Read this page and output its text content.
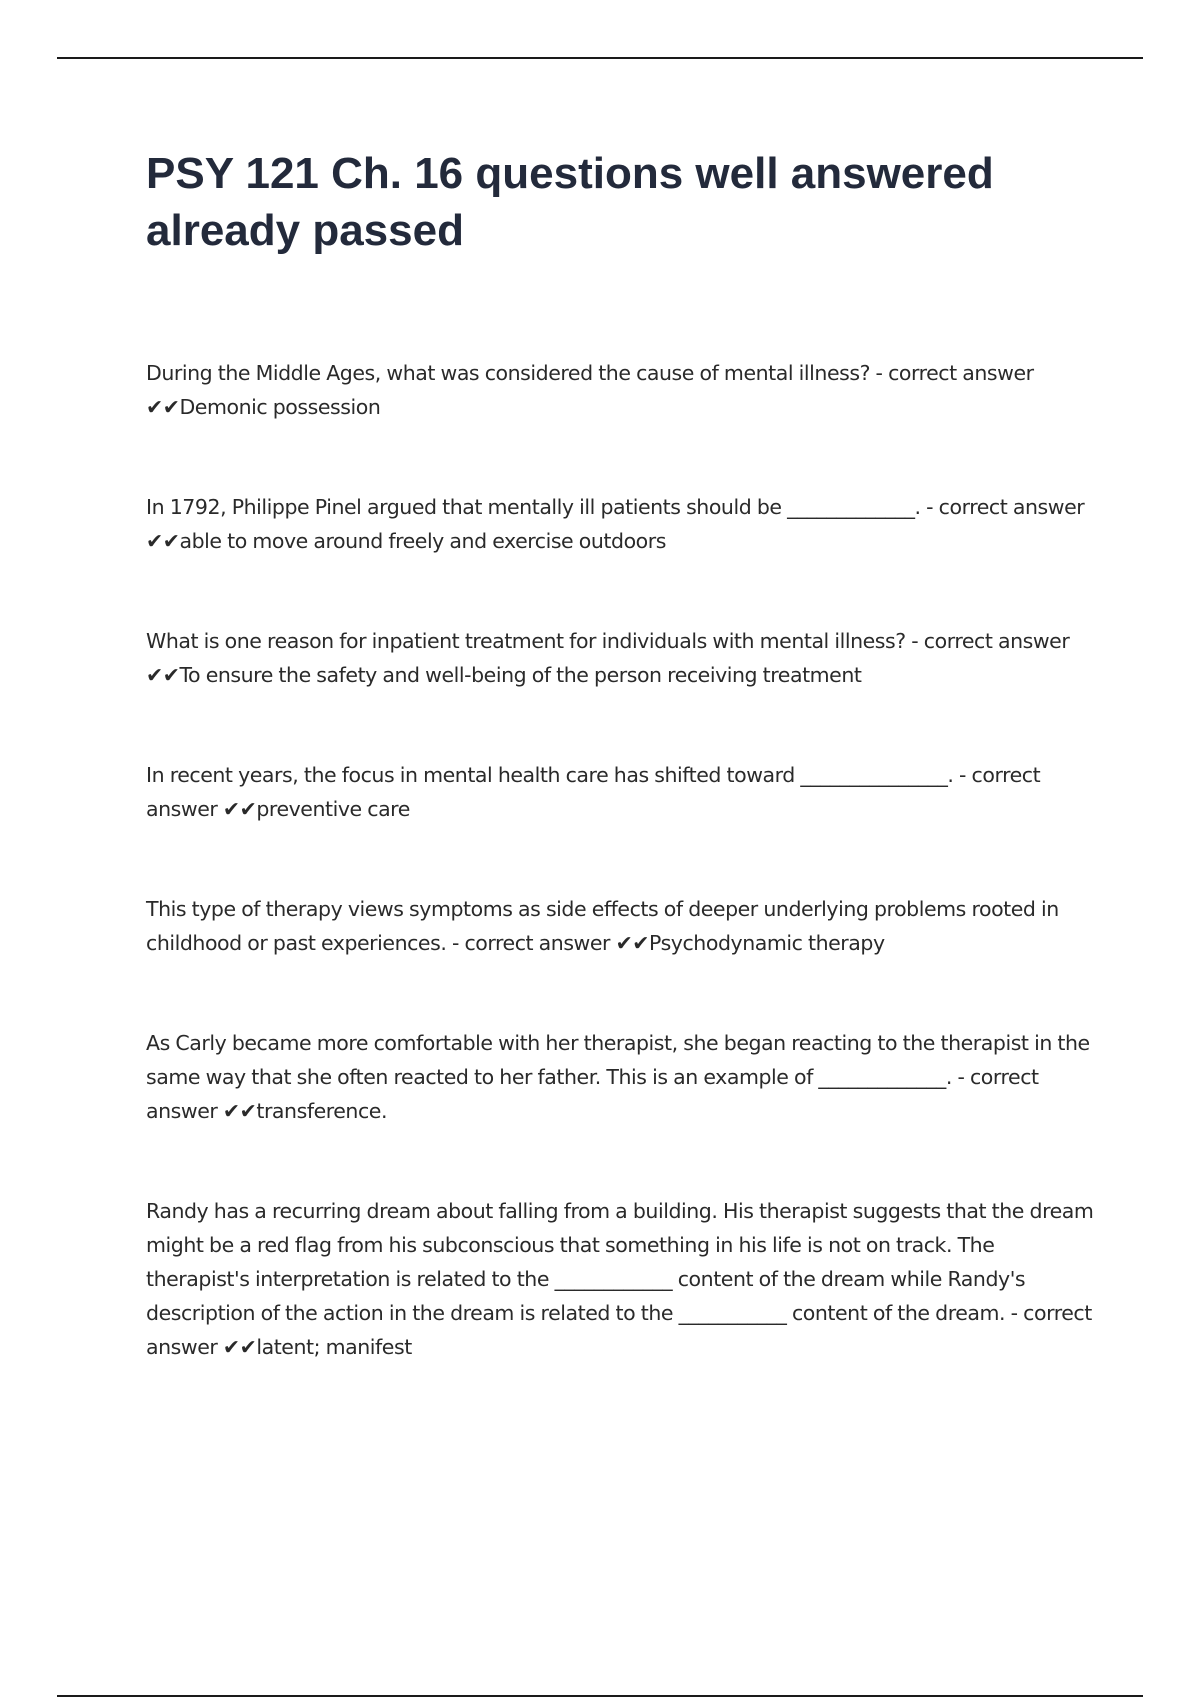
PSY 121 Ch. 16 questions well answered already passed
During the Middle Ages, what was considered the cause of mental illness? - correct answer ✔✔Demonic possession
In 1792, Philippe Pinel argued that mentally ill patients should be _____________. - correct answer ✔✔able to move around freely and exercise outdoors
What is one reason for inpatient treatment for individuals with mental illness? - correct answer ✔✔To ensure the safety and well-being of the person receiving treatment
In recent years, the focus in mental health care has shifted toward _______________. - correct answer ✔✔preventive care
This type of therapy views symptoms as side effects of deeper underlying problems rooted in childhood or past experiences. - correct answer ✔✔Psychodynamic therapy
As Carly became more comfortable with her therapist, she began reacting to the therapist in the same way that she often reacted to her father. This is an example of _____________. - correct answer ✔✔transference.
Randy has a recurring dream about falling from a building. His therapist suggests that the dream might be a red flag from his subconscious that something in his life is not on track. The therapist's interpretation is related to the ____________ content of the dream while Randy's description of the action in the dream is related to the ___________ content of the dream. - correct answer ✔✔latent; manifest
